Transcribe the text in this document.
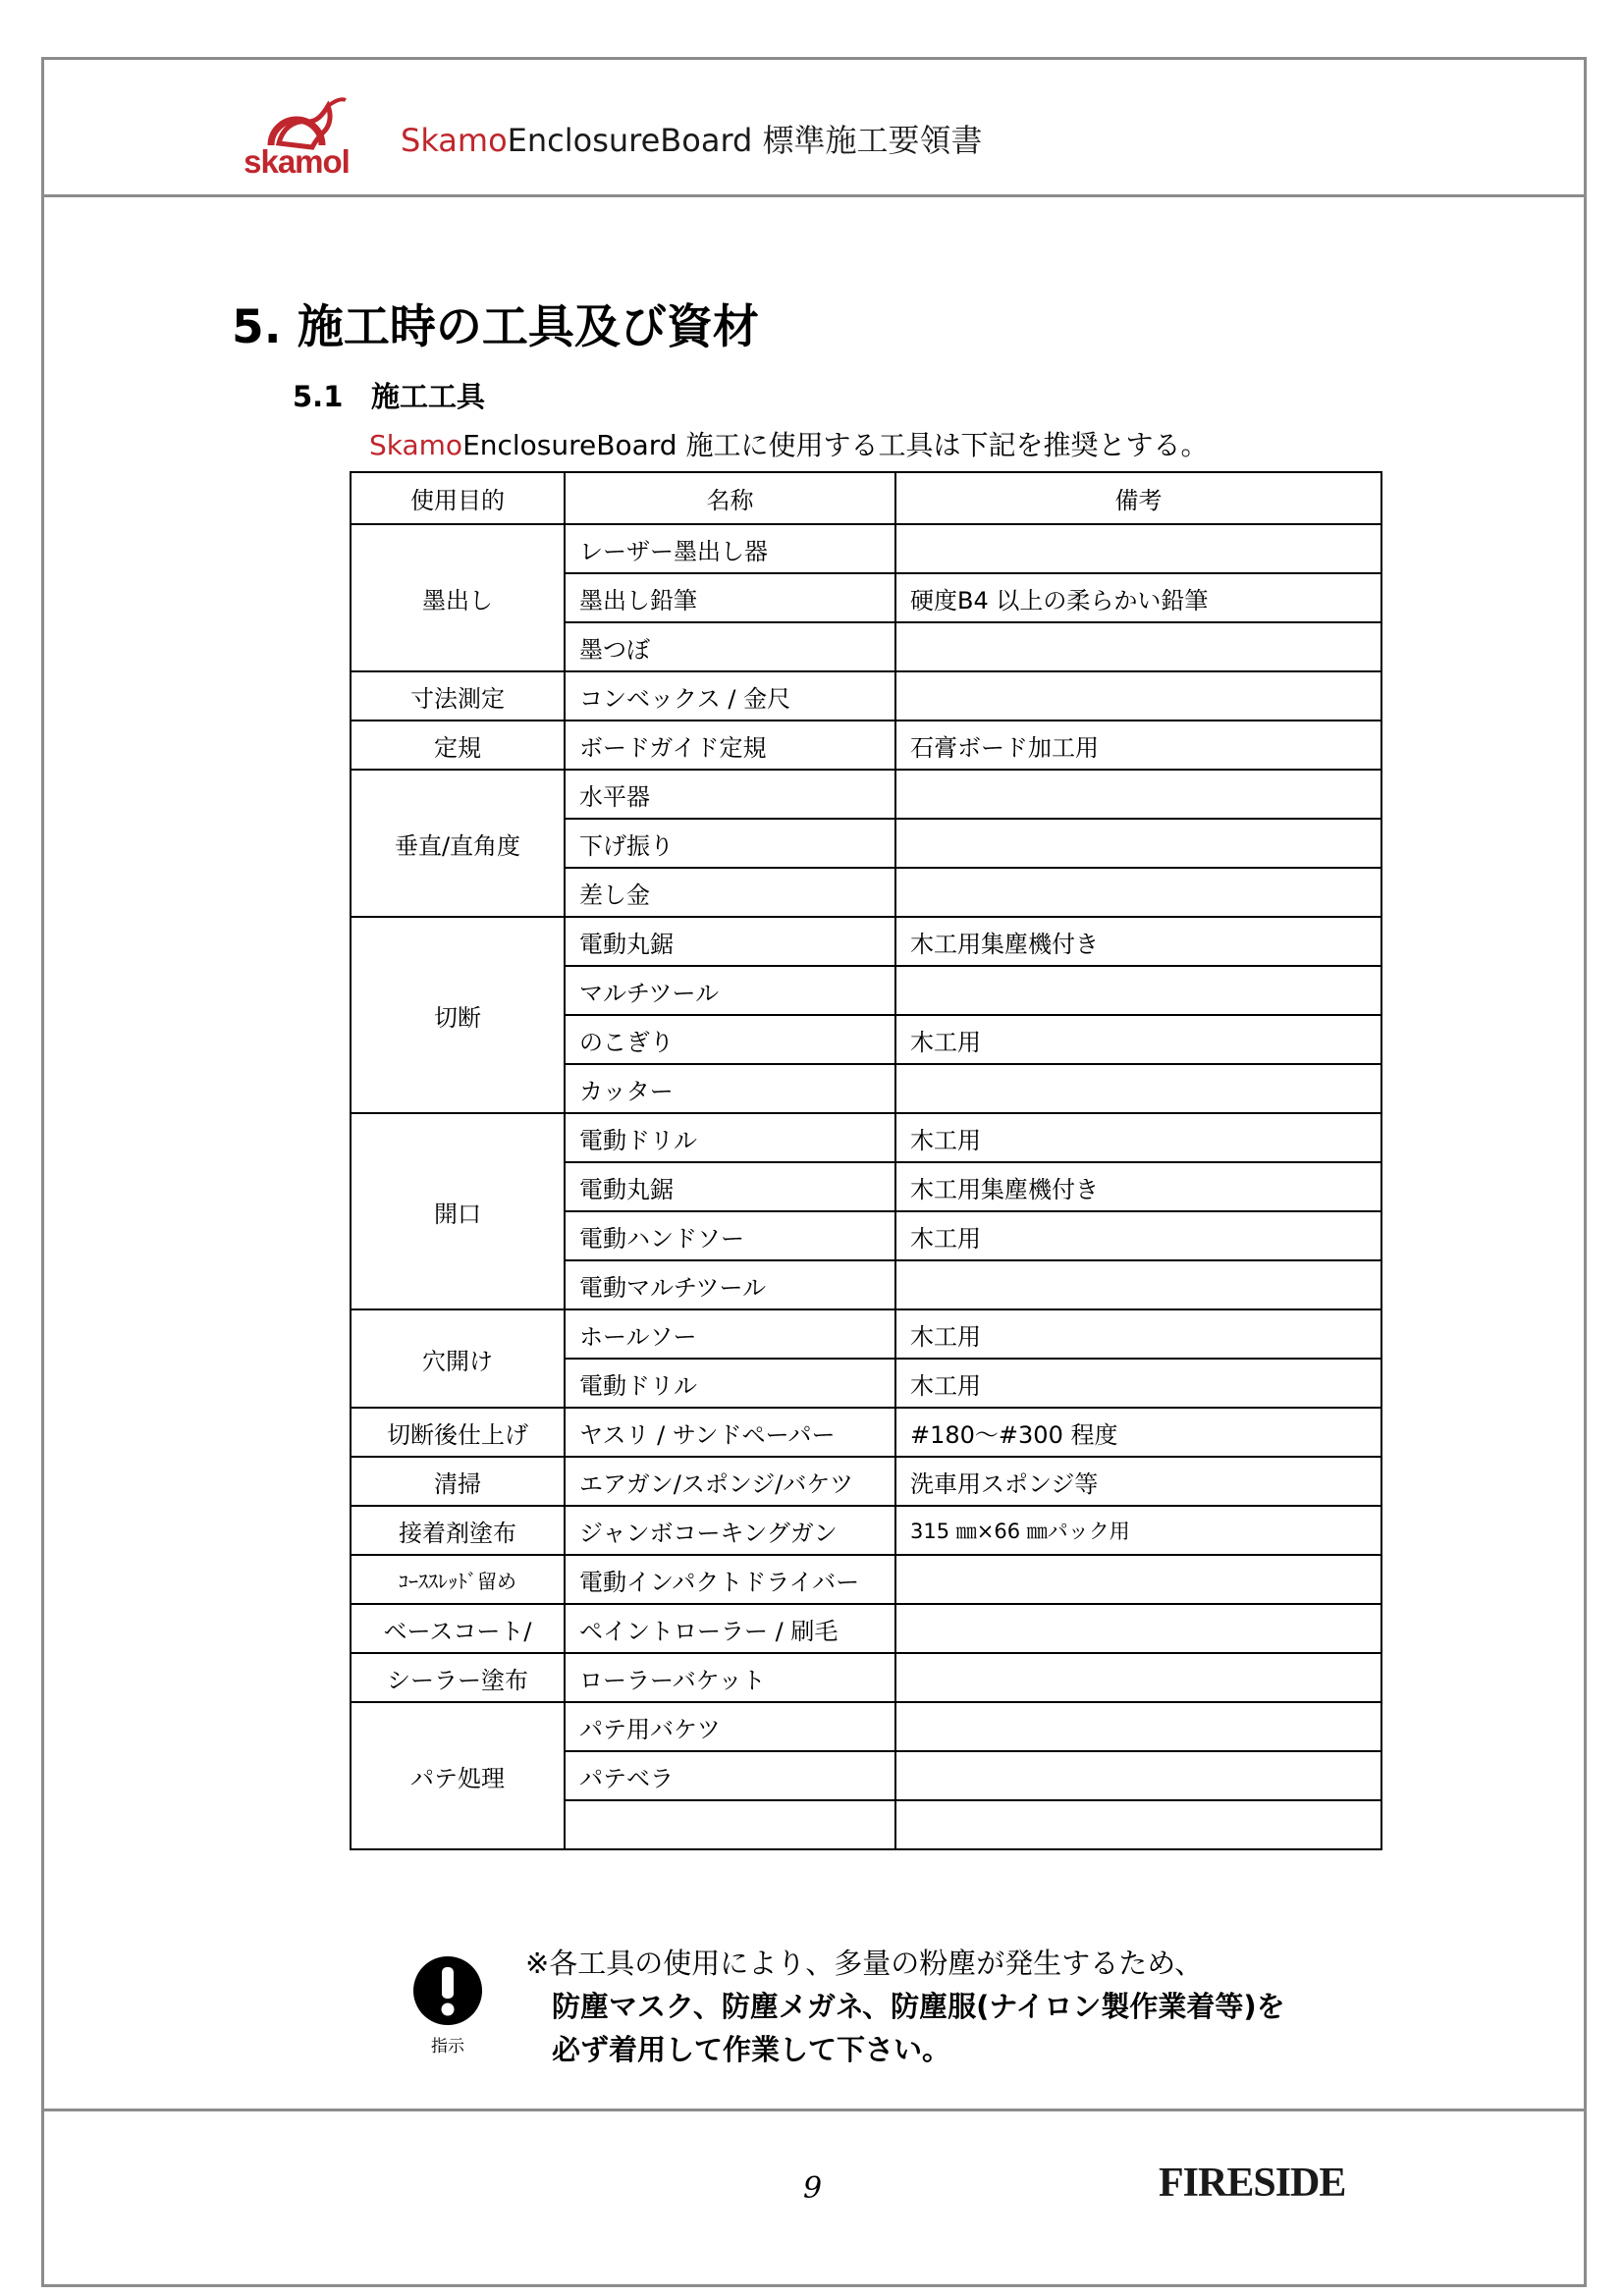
skamol
SkamoEnclosureBoard 標準施工要領書
5. 施工時の工具及び資材
5.1 施工工具
SkamoEnclosureBoard 施工に使用する工具は下記を推奨とする。
使用目的	名称	備考
墨出し	レーザー墨出し器	
	墨出し鉛筆	硬度B4 以上の柔らかい鉛筆
	墨つぼ	
寸法測定	コンベックス / 金尺	
定規	ボードガイド定規	石膏ボード加工用
垂直/直角度	水平器	
	下げ振り	
	差し金	
切断	電動丸鋸	木工用集塵機付き
	マルチツール	
	のこぎり	木工用
	カッター	
開口	電動ドリル	木工用
	電動丸鋸	木工用集塵機付き
	電動ハンドソー	木工用
	電動マルチツール	
穴開け	ホールソー	木工用
	電動ドリル	木工用
切断後仕上げ	ヤスリ / サンドペーパー	#180～#300 程度
清掃	エアガン/スポンジ/バケツ	洗車用スポンジ等
接着剤塗布	ジャンボコーキングガン	315 ㎜×66 ㎜パック用
ｺｰｽｽﾚｯﾄﾞ留め	電動インパクトドライバー	
ベースコート/	ペイントローラー / 刷毛	
シーラー塗布	ローラーバケット	
パテ処理	パテ用バケツ	
	パテベラ	

指示
※各工具の使用により、多量の粉塵が発生するため、
防塵マスク、防塵メガネ、防塵服(ナイロン製作業着等)を
必ず着用して作業して下さい。
9	FIRESIDE
